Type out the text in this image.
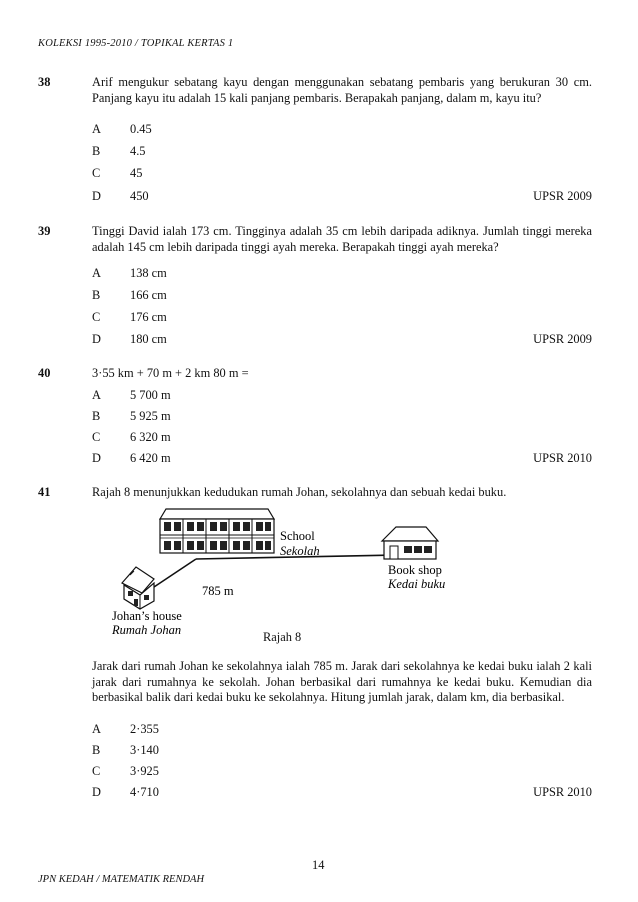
KOLEKSI 1995-2010 / TOPIKAL KERTAS 1
38	Arif mengukur sebatang kayu dengan menggunakan sebatang pembaris yang berukuran 30 cm. Panjang kayu itu adalah 15 kali panjang pembaris. Berapakah panjang, dalam m, kayu itu?
A 0.45
B 4.5
C 45
D 450	UPSR 2009
39	Tinggi David ialah 173 cm. Tingginya adalah 35 cm lebih daripada adiknya. Jumlah tinggi mereka adalah 145 cm lebih daripada tinggi ayah mereka. Berapakah tinggi ayah mereka?
A 138 cm
B 166 cm
C 176 cm
D 180 cm	UPSR 2009
40	3·55 km + 70 m + 2 km 80 m =
A 5 700 m
B 5 925 m
C 6 320 m
D 6 420 m	UPSR 2010
41	Rajah 8 menunjukkan kedudukan rumah Johan, sekolahnya dan sebuah kedai buku.
School
Sekolah
Book shop
Kedai buku
785 m
Johan’s house
Rumah Johan	Rajah 8
Jarak dari rumah Johan ke sekolahnya ialah 785 m. Jarak dari sekolahnya ke kedai buku ialah 2 kali jarak dari rumahnya ke sekolah. Johan berbasikal dari rumahnya ke kedai buku. Kemudian dia berbasikal balik dari kedai buku ke sekolahnya. Hitung jumlah jarak, dalam km, dia berbasikal.
A 2·355
B 3·140
C 3·925
D 4·710	UPSR 2010
14
JPN KEDAH / MATEMATIK RENDAH
